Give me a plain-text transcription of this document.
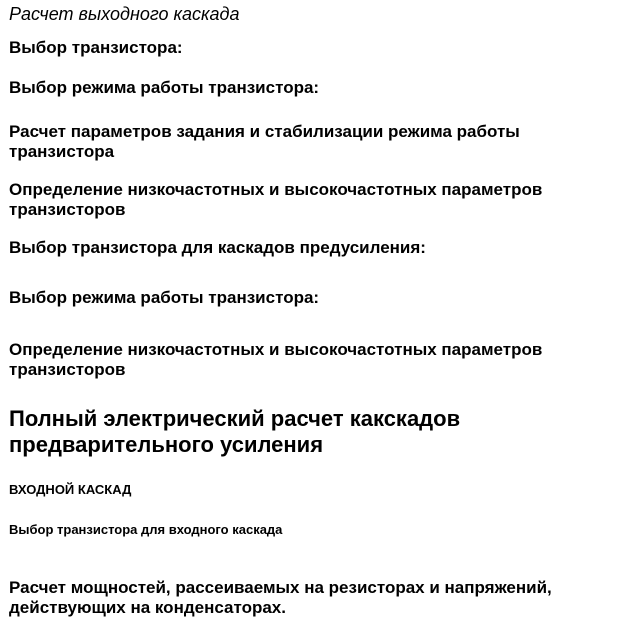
Расчет выходного каскада

Выбор транзистора:

Выбор режима работы транзистора:

Расчет параметров задания и стабилизации режима работы транзистора

Определение низкочастотных и высокочастотных параметров транзисторов

Выбор транзистора для каскадов предусиления:

Выбор режима работы транзистора:

Определение низкочастотных и высокочастотных параметров транзисторов

Полный электрический расчет какскадов предварительного усиления

ВХОДНОЙ КАСКАД

Выбор транзистора для входного каскада

Расчет мощностей, рассеиваемых на резисторах и напряжений, действующих на конденсаторах.
